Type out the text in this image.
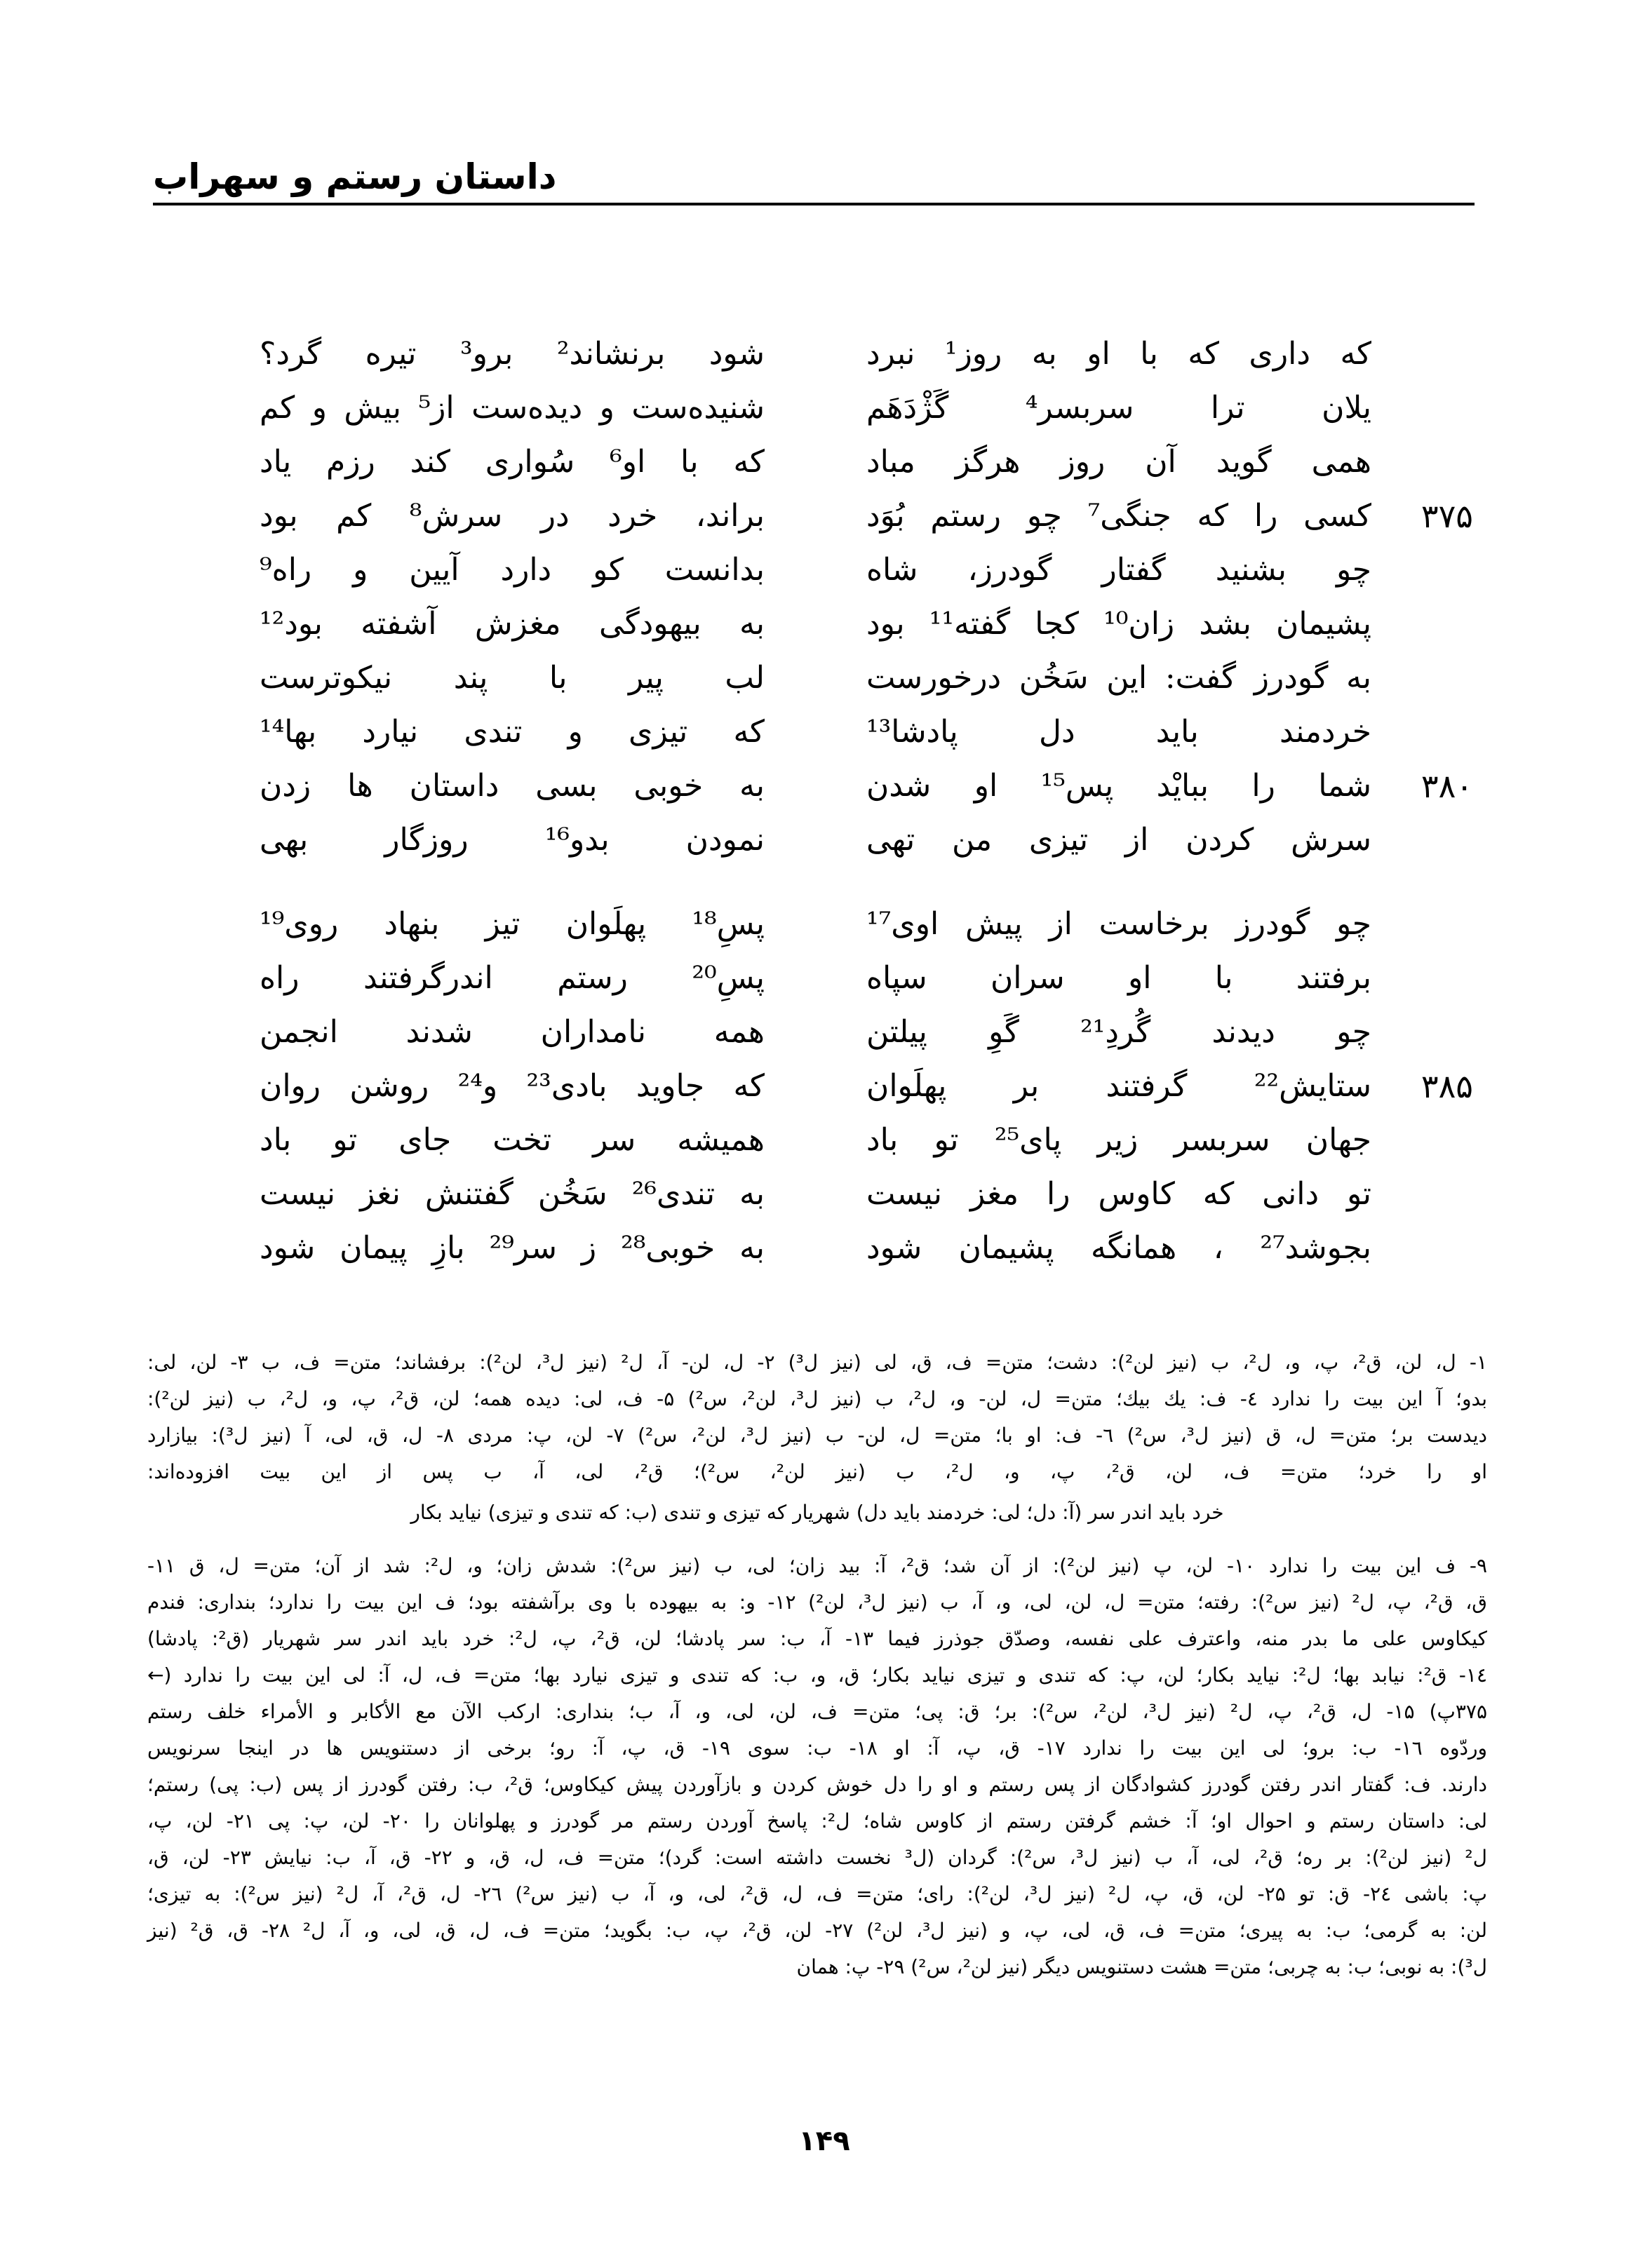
داستان رستم و سهراب
که داری که با او به روز¹ نبرد
یلان ترا سربسر⁴ گَژْدَهَم
همی گوید آن روز هرگز مباد
کسی را که جنگی⁷ چو رستم بُوَد
چو بشنید گفتار گودرز، شاه
پشیمان بشد زان¹⁰ کجا گفته¹¹ بود
به گودرز گفت: این سَخُن درخورست
خردمند باید دل پادشا¹³
شما را ببایْد پس¹⁵ او شدن
سرش کردن از تیزی من تهی
چو گودرز برخاست از پیش اوی¹⁷
برفتند با او سران سپاه
چو دیدند گُردِ²¹ گَوِ پیلتن
ستایش²² گرفتند بر پهلَوان
جهان سربسر زیر پای²⁵ تو باد
تو دانی که کاوس را مغز نیست
بجوشد²⁷ ، همانگه پشیمان شود
شود برنشاند² برو³ تیره گرد؟
شنیده‌ست و دیده‌ست از⁵ بیش و کم
که با او⁶ سُواری کند رزم یاد
براند، خرد در سرش⁸ کم بود
بدانست کو دارد آیین و راه⁹
به بیهودگی مغزش آشفته بود¹²
لب پیر با پند نیکوترست
که تیزی و تندی نیارد بها¹⁴
به خوبی بسی داستان ها زدن
نمودن بدو¹⁶ روزگار بهی
پسِ¹⁸ پهلَوان تیز بنهاد روی¹⁹
پسِ²⁰ رستم اندرگرفتند راه
همه نامداران شدند انجمن
که جاوید بادی²³ و²⁴ روشن روان
همیشه سر تخت جای تو باد
به تندی²⁶ سَخُن گفتنش نغز نیست
به خوبی²⁸ ز سر²⁹ بازِ پیمان شود
۳۷۵
۳۸۰
۳۸۵
۱- ل، لن، ق²، پ، و، ل²، ب (نیز لن²): دشت؛ متن= ف، ق، لی (نیز ل³) ۲- ل، لن- آ، ل² (نیز ل³، لن²): برفشاند؛ متن= ف، ب ۳- لن، لی:
بدو؛ آ این بیت را ندارد ٤- ف: یك بیك؛ متن= ل، لن- و، ل²، ب (نیز ل³، لن²، س²) ۵- ف، لی: دیده همه؛ لن، ق²، پ، و، ل²، ب (نیز لن²):
دیدست بر؛ متن= ل، ق (نیز ل³، س²) ٦- ف: او با؛ متن= ل، لن- ب (نیز ل³، لن²، س²) ۷- لن، پ: مردی ۸- ل، ق، لی، آ (نیز ل³): بیازارد
او را خرد؛ متن= ف، لن، ق²، پ، و، ل²، ب (نیز لن²، س²)؛ ق²، لی، آ، ب پس از این بیت افزوده‌اند:
خرد باید اندر سر (آ: دل؛ لی: خردمند باید دل) شهریار که تیزی و تندی (ب: که تندی و تیزی) نیاید بکار
۹- ف این بیت را ندارد ۱۰- لن، پ (نیز لن²): از آن شد؛ ق²، آ: بید زان؛ لی، ب (نیز س²): شدش زان؛ و، ل²: شد از آن؛ متن= ل، ق ۱۱-
ق، ق²، پ، ل² (نیز س²): رفته؛ متن= ل، لن، لی، و، آ، ب (نیز ل³، لن²) ۱۲- و: به بیهوده با وی برآشفته بود؛ ف این بیت را ندارد؛ بنداری: فندم
کیکاوس علی ما بدر منه، واعترف علی نفسه، وصدّق جوذرز فیما ۱۳- آ، ب: سر پادشا؛ لن، ق²، پ، ل²: خرد باید اندر سر شهریار (ق²: پادشا)
۱٤- ق²: نیابد بها؛ ل²: نیاید بکار؛ لن، پ: که تندی و تیزی نیاید بکار؛ ق، و، ب: که تندی و تیزی نیارد بها؛ متن= ف، ل، آ: لی این بیت را ندارد (←
۳۷۵پ) ۱۵- ل، ق²، پ، ل² (نیز ل³، لن²، س²): بر؛ ق: پی؛ متن= ف، لن، لی، و، آ، ب؛ بنداری: ارکب الآن مع الأکابر و الأمراء خلف رستم
وردّوه ۱٦- ب: برو؛ لی این بیت را ندارد ۱۷- ق، پ، آ: او ۱۸- ب: سوی ۱۹- ق، پ، آ: رو؛ برخی از دستنویس ها در اینجا سرنویس
دارند. ف: گفتار اندر رفتن گودرز کشوادگان از پس رستم و او را دل خوش کردن و بازآوردن پیش کیکاوس؛ ق²، ب: رفتن گودرز از پس (ب: پی) رستم؛
لی: داستان رستم و احوال او؛ آ: خشم گرفتن رستم از کاوس شاه؛ ل²: پاسخ آوردن رستم مر گودرز و پهلوانان را ۲۰- لن، پ: پی ۲۱- لن، پ،
ل² (نیز لن²): بر ره؛ ق²، لی، آ، ب (نیز ل³، س²): گردان (ل³ نخست داشته است: گرد)؛ متن= ف، ل، ق، و ۲۲- ق، آ، ب: نیایش ۲۳- لن، ق،
پ: باشی ۲٤- ق: تو ۲۵- لن، ق، پ، ل² (نیز ل³، لن²): رای؛ متن= ف، ل، ق²، لی، و، آ، ب (نیز س²) ۲٦- ل، ق²، آ، ل² (نیز س²): به تیزی؛
لن: به گرمی؛ ب: به پیری؛ متن= ف، ق، لی، پ، و (نیز ل³، لن²) ۲۷- لن، ق²، پ، ب: بگوید؛ متن= ف، ل، ق، لی، و، آ، ل² ۲۸- ق، ق² (نیز
ل³): به نوبی؛ ب: به چربی؛ متن= هشت دستنویس دیگر (نیز لن²، س²) ۲۹- پ: همان
۱۴۹
